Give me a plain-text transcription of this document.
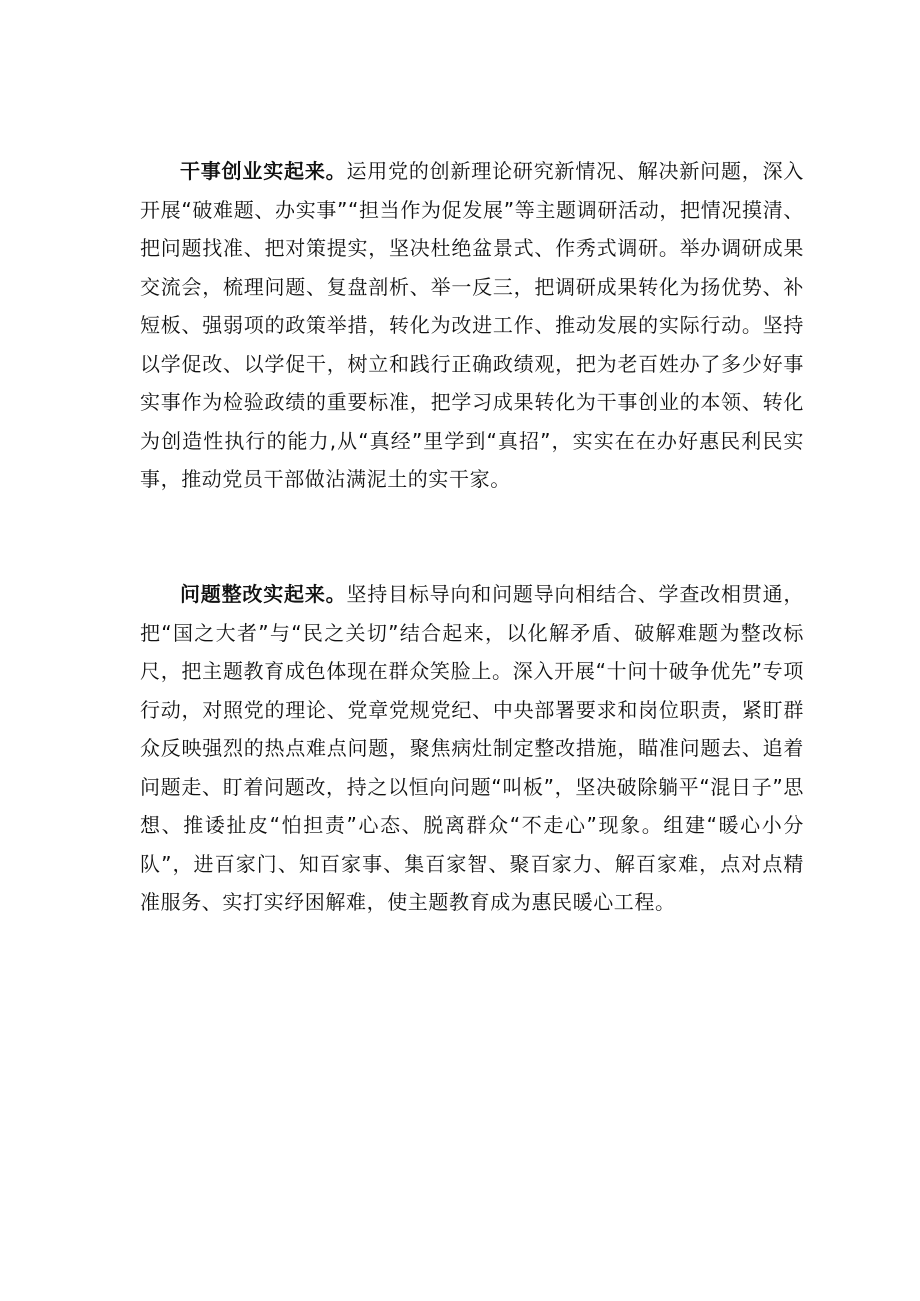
干事创业实起来。运用党的创新理论研究新情况、解决新问题，深入开展“破难题、办实事”“担当作为促发展”等主题调研活动，把情况摸清、把问题找准、把对策提实，坚决杜绝盆景式、作秀式调研。举办调研成果交流会，梳理问题、复盘剖析、举一反三，把调研成果转化为扬优势、补短板、强弱项的政策举措，转化为改进工作、推动发展的实际行动。坚持以学促改、以学促干，树立和践行正确政绩观，把为老百姓办了多少好事实事作为检验政绩的重要标准，把学习成果转化为干事创业的本领、转化为创造性执行的能力,从“真经”里学到“真招”，实实在在办好惠民利民实事，推动党员干部做沾满泥土的实干家。

问题整改实起来。坚持目标导向和问题导向相结合、学查改相贯通，把“国之大者”与“民之关切”结合起来，以化解矛盾、破解难题为整改标尺，把主题教育成色体现在群众笑脸上。深入开展“十问十破争优先”专项行动，对照党的理论、党章党规党纪、中央部署要求和岗位职责，紧盯群众反映强烈的热点难点问题，聚焦病灶制定整改措施，瞄准问题去、追着问题走、盯着问题改，持之以恒向问题“叫板”，坚决破除躺平“混日子”思想、推诿扯皮“怕担责”心态、脱离群众“不走心”现象。组建“暖心小分队”，进百家门、知百家事、集百家智、聚百家力、解百家难，点对点精准服务、实打实纾困解难，使主题教育成为惠民暖心工程。
